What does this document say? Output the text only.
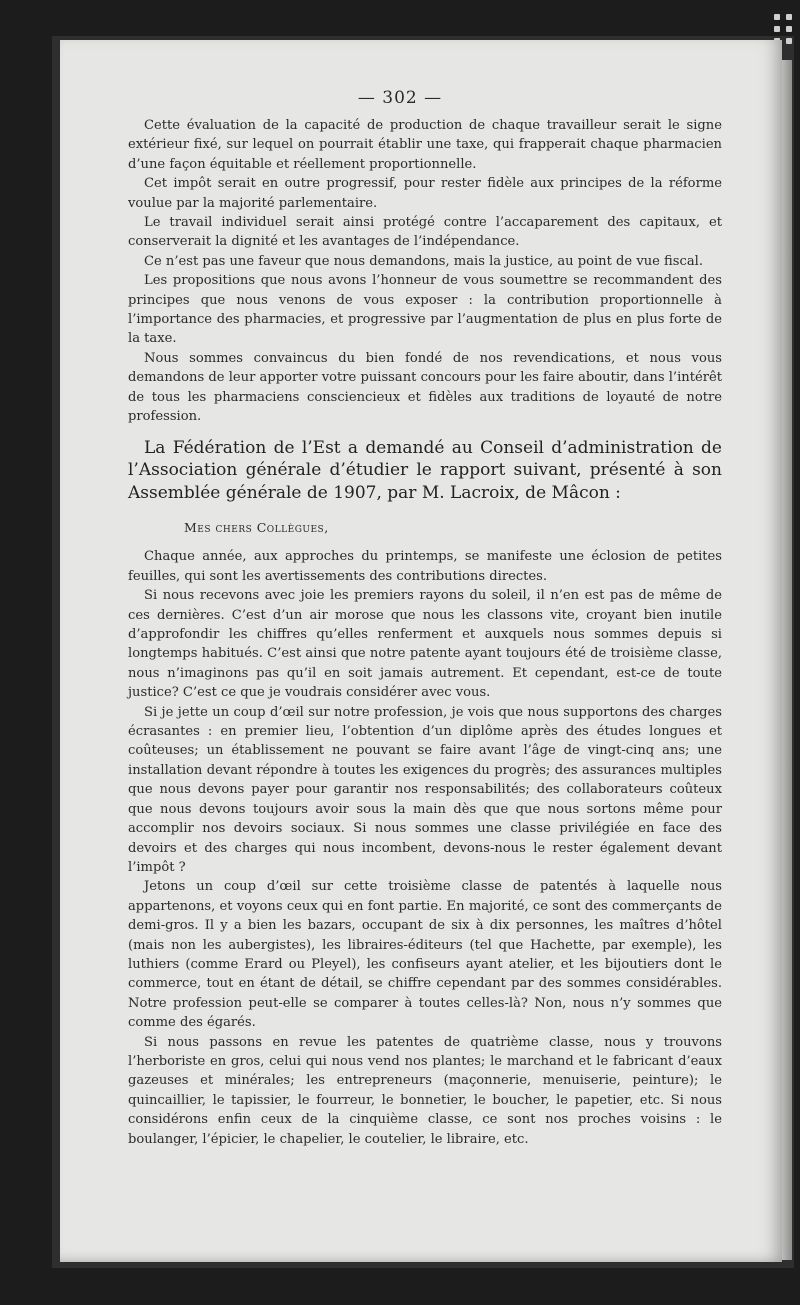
— 302 —

Cette évaluation de la capacité de production de chaque travailleur serait le signe extérieur fixé, sur lequel on pourrait établir une taxe, qui frapperait chaque pharmacien d’une façon équitable et réellement proportionnelle.

Cet impôt serait en outre progressif, pour rester fidèle aux principes de la réforme voulue par la majorité parlementaire.

Le travail individuel serait ainsi protégé contre l’accaparement des capitaux, et conserverait la dignité et les avantages de l’indépendance.

Ce n’est pas une faveur que nous demandons, mais la justice, au point de vue fiscal.

Les propositions que nous avons l’honneur de vous soumettre se recommandent des principes que nous venons de vous exposer : la contribution proportionnelle à l’importance des pharmacies, et progressive par l’augmentation de plus en plus forte de la taxe.

Nous sommes convaincus du bien fondé de nos revendications, et nous vous demandons de leur apporter votre puissant concours pour les faire aboutir, dans l’intérêt de tous les pharmaciens consciencieux et fidèles aux traditions de loyauté de notre profession.

La Fédération de l’Est a demandé au Conseil d’administration de l’Association générale d’étudier le rapport suivant, présenté à son Assemblée générale de 1907, par M. Lacroix, de Mâcon :

Mes chers Collègues,

Chaque année, aux approches du printemps, se manifeste une éclosion de petites feuilles, qui sont les avertissements des contributions directes.

Si nous recevons avec joie les premiers rayons du soleil, il n’en est pas de même de ces dernières. C’est d’un air morose que nous les classons vite, croyant bien inutile d’approfondir les chiffres qu’elles renferment et auxquels nous sommes depuis si longtemps habitués. C’est ainsi que notre patente ayant toujours été de troisième classe, nous n’imaginons pas qu’il en soit jamais autrement. Et cependant, est-ce de toute justice? C’est ce que je voudrais considérer avec vous.

Si je jette un coup d’œil sur notre profession, je vois que nous supportons des charges écrasantes : en premier lieu, l’obtention d’un diplôme après des études longues et coûteuses; un établissement ne pouvant se faire avant l’âge de vingt-cinq ans; une installation devant répondre à toutes les exigences du progrès; des assurances multiples que nous devons payer pour garantir nos responsabilités; des collaborateurs coûteux que nous devons toujours avoir sous la main dès que que nous sortons même pour accomplir nos devoirs sociaux. Si nous sommes une classe privilégiée en face des devoirs et des charges qui nous incombent, devons-nous le rester également devant l’impôt ?

Jetons un coup d’œil sur cette troisième classe de patentés à laquelle nous appartenons, et voyons ceux qui en font partie. En majorité, ce sont des commerçants de demi-gros. Il y a bien les bazars, occupant de six à dix personnes, les maîtres d’hôtel (mais non les aubergistes), les libraires-éditeurs (tel que Hachette, par exemple), les luthiers (comme Erard ou Pleyel), les confiseurs ayant atelier, et les bijoutiers dont le commerce, tout en étant de détail, se chiffre cependant par des sommes considérables. Notre profession peut-elle se comparer à toutes celles-là? Non, nous n’y sommes que comme des égarés.

Si nous passons en revue les patentes de quatrième classe, nous y trouvons l’herboriste en gros, celui qui nous vend nos plantes; le marchand et le fabricant d’eaux gazeuses et minérales; les entrepreneurs (maçonnerie, menuiserie, peinture); le quincaillier, le tapissier, le fourreur, le bonnetier, le boucher, le papetier, etc. Si nous considérons enfin ceux de la cinquième classe, ce sont nos proches voisins : le boulanger, l’épicier, le chapelier, le coutelier, le libraire, etc.
